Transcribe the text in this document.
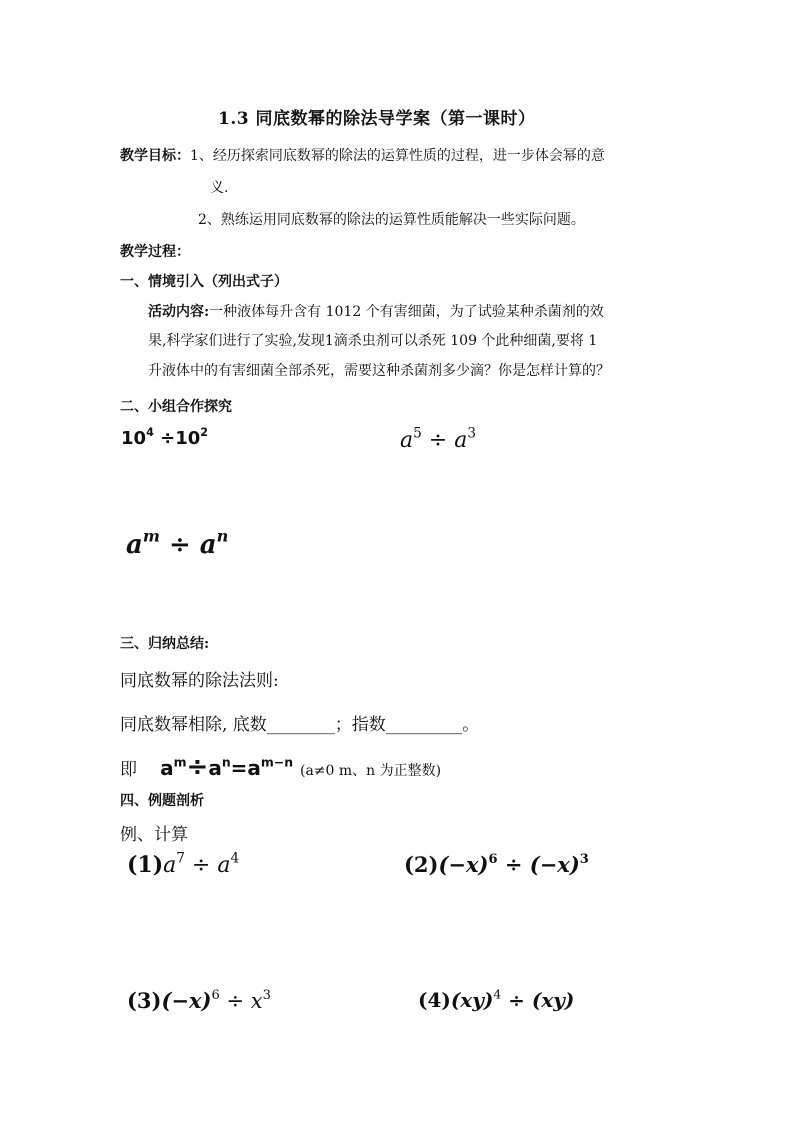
1.3 同底数幂的除法导学案（第一课时）
教学目标：1、经历探索同底数幂的除法的运算性质的过程，进一步体会幂的意
义.
2、熟练运用同底数幂的除法的运算性质能解决一些实际问题。
教学过程：
一、情境引入（列出式子）
活动内容:一种液体每升含有 1012 个有害细菌，为了试验某种杀菌剂的效
果,科学家们进行了实验,发现1滴杀虫剂可以杀死 109 个此种细菌,要将 1
升液体中的有害细菌全部杀死，需要这种杀菌剂多少滴？你是怎样计算的？
二、小组合作探究
$10^4 \div 10^2$	$a^5 \div a^3$
$a^m \div a^n$
三、归纳总结:
同底数幂的除法法则:
同底数幂相除, 底数________；指数_________。
即 $a^m\div a^n=a^{m-n}$ (a≠0 m、n 为正整数)
四、例题剖析
例、计算
$(1)a^7 \div a^4$	$(2)(-x)^6 \div (-x)^3$
$(3)(-x)^6 \div x^3$	(4)(xy)$^4$ ÷ (xy)
